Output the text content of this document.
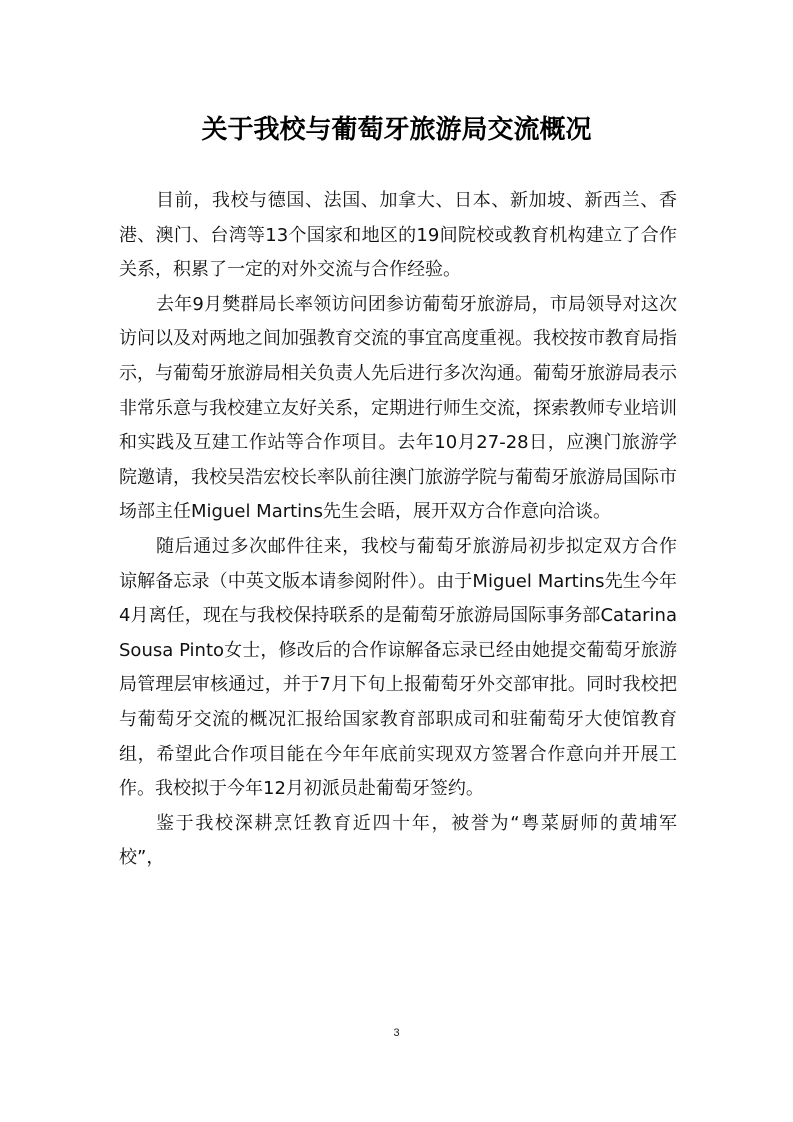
关于我校与葡萄牙旅游局交流概况

目前，我校与德国、法国、加拿大、日本、新加坡、新西兰、香港、澳门、台湾等13个国家和地区的19间院校或教育机构建立了合作关系，积累了一定的对外交流与合作经验。

去年9月樊群局长率领访问团参访葡萄牙旅游局，市局领导对这次访问以及对两地之间加强教育交流的事宜高度重视。我校按市教育局指示，与葡萄牙旅游局相关负责人先后进行多次沟通。葡萄牙旅游局表示非常乐意与我校建立友好关系，定期进行师生交流，探索教师专业培训和实践及互建工作站等合作项目。去年10月27-28日，应澳门旅游学院邀请，我校吴浩宏校长率队前往澳门旅游学院与葡萄牙旅游局国际市场部主任Miguel Martins先生会晤，展开双方合作意向洽谈。

随后通过多次邮件往来，我校与葡萄牙旅游局初步拟定双方合作谅解备忘录（中英文版本请参阅附件）。由于Miguel Martins先生今年4月离任，现在与我校保持联系的是葡萄牙旅游局国际事务部Catarina Sousa Pinto女士，修改后的合作谅解备忘录已经由她提交葡萄牙旅游局管理层审核通过，并于7月下旬上报葡萄牙外交部审批。同时我校把与葡萄牙交流的概况汇报给国家教育部职成司和驻葡萄牙大使馆教育组，希望此合作项目能在今年年底前实现双方签署合作意向并开展工作。我校拟于今年12月初派员赴葡萄牙签约。

鉴于我校深耕烹饪教育近四十年，被誉为“粤菜厨师的黄埔军校”，

3
